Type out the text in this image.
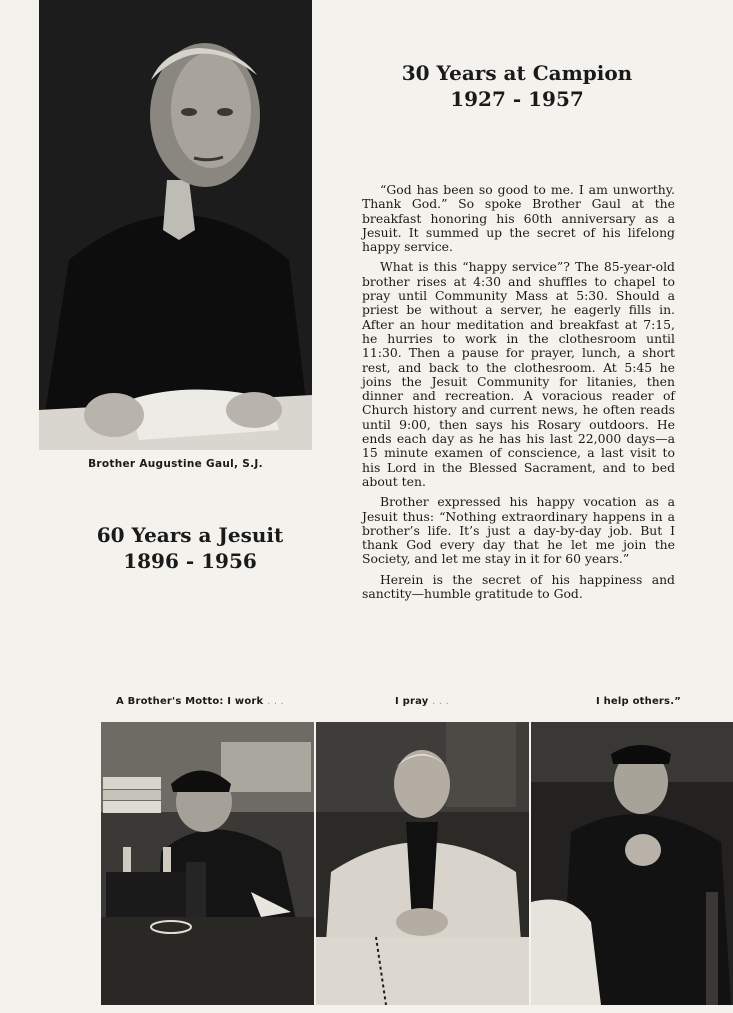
Brother Augustine Gaul, S.J.
30 Years at Campion
1927 - 1957

“God has been so good to me. I am unworthy. Thank God.” So spoke Brother Gaul at the breakfast honoring his 60th anniversary as a Jesuit. It summed up the secret of his lifelong happy service.

What is this “happy service”? The 85-year-old brother rises at 4:30 and shuffles to chapel to pray until Community Mass at 5:30. Should a priest be without a server, he eagerly fills in. After an hour meditation and breakfast at 7:15, he hurries to work in the clothesroom until 11:30. Then a pause for prayer, lunch, a short rest, and back to the clothesroom. At 5:45 he joins the Jesuit Community for litanies, then dinner and recreation. A voracious reader of Church history and current news, he often reads until 9:00, then says his Rosary outdoors. He ends each day as he has his last 22,000 days—a 15 minute examen of conscience, a last visit to his Lord in the Blessed Sacrament, and to bed about ten.

Brother expressed his happy vocation as a Jesuit thus: “Nothing extraordinary happens in a brother’s life. It’s just a day-by-day job. But I thank God every day that he let me join the Society, and let me stay in it for 60 years.”

Herein is the secret of his happiness and sanctity—humble gratitude to God.

60 Years a Jesuit
1896 - 1956
A Brother's Motto: I work . . .	I pray . . .	I help others.”
